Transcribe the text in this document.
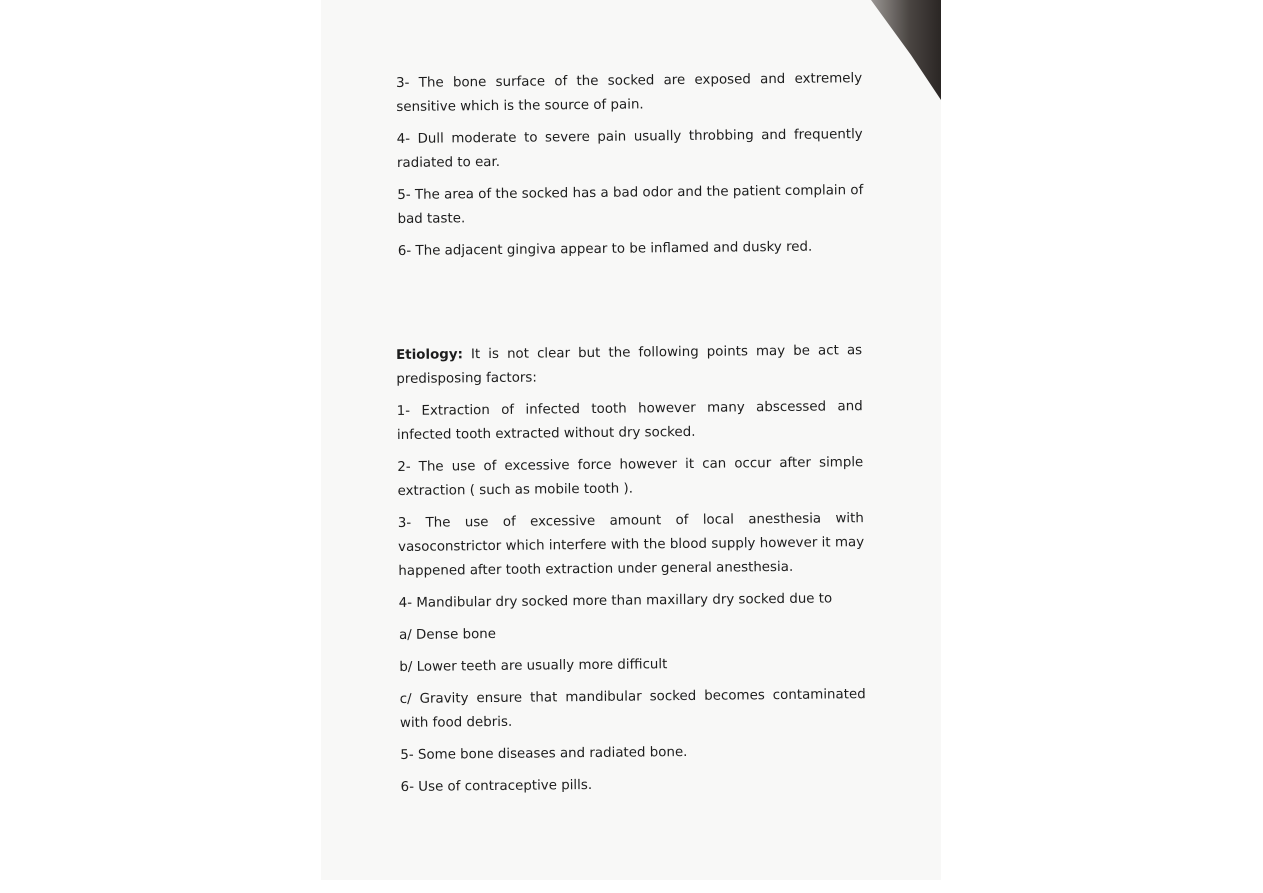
3- The bone surface of the socked are exposed and extremely sensitive which is the source of pain.

4- Dull moderate to severe pain usually throbbing and frequently radiated to ear.

5- The area of the socked has a bad odor and the patient complain of bad taste.

6- The adjacent gingiva appear to be inflamed and dusky red.

Etiology: It is not clear but the following points may be act as predisposing factors:

1- Extraction of infected tooth however many abscessed and infected tooth extracted without dry socked.

2- The use of excessive force however it can occur after simple extraction ( such as mobile tooth ).

3- The use of excessive amount of local anesthesia with vasoconstrictor which interfere with the blood supply however it may happened after tooth extraction under general anesthesia.

4- Mandibular dry socked more than maxillary dry socked due to

a/ Dense bone

b/ Lower teeth are usually more difficult

c/ Gravity ensure that mandibular socked becomes contaminated with food debris.

5- Some bone diseases and radiated bone.

6- Use of contraceptive pills.
